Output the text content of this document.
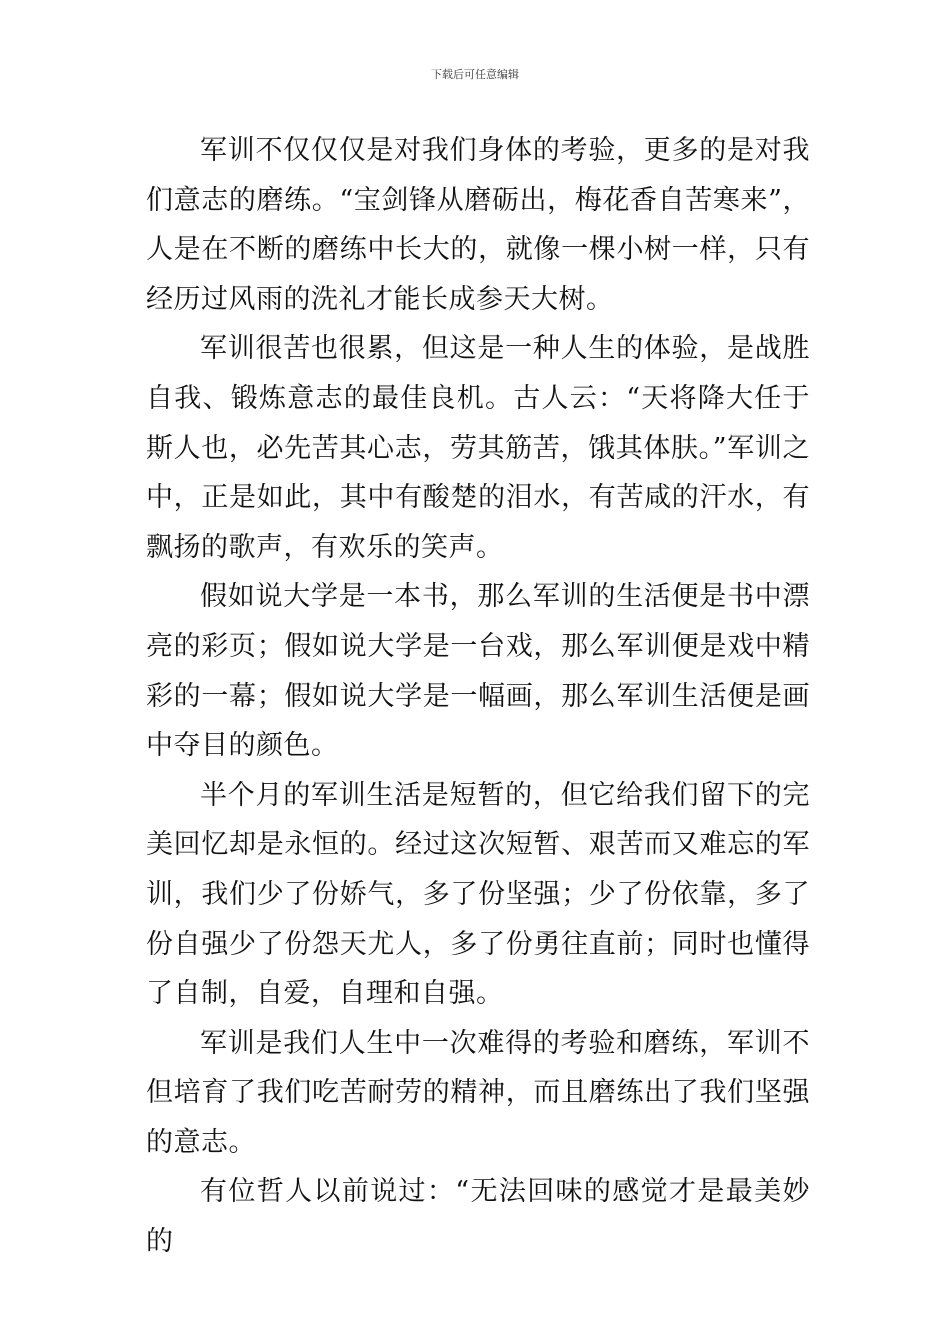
下载后可任意编辑

军训不仅仅仅是对我们身体的考验，更多的是对我们意志的磨练。“宝剑锋从磨砺出，梅花香自苦寒来”，人是在不断的磨练中长大的，就像一棵小树一样，只有经历过风雨的洗礼才能长成参天大树。

军训很苦也很累，但这是一种人生的体验，是战胜自我、锻炼意志的最佳良机。古人云：“天将降大任于斯人也，必先苦其心志，劳其筋苦，饿其体肤。”军训之中，正是如此，其中有酸楚的泪水，有苦咸的汗水，有飘扬的歌声，有欢乐的笑声。

假如说大学是一本书，那么军训的生活便是书中漂亮的彩页；假如说大学是一台戏，那么军训便是戏中精彩的一幕；假如说大学是一幅画，那么军训生活便是画中夺目的颜色。

半个月的军训生活是短暂的，但它给我们留下的完美回忆却是永恒的。经过这次短暂、艰苦而又难忘的军训，我们少了份娇气，多了份坚强；少了份依靠，多了份自强少了份怨天尤人，多了份勇往直前；同时也懂得了自制，自爱，自理和自强。

军训是我们人生中一次难得的考验和磨练，军训不但培育了我们吃苦耐劳的精神，而且磨练出了我们坚强的意志。

有位哲人以前说过：“无法回味的感觉才是最美妙的
